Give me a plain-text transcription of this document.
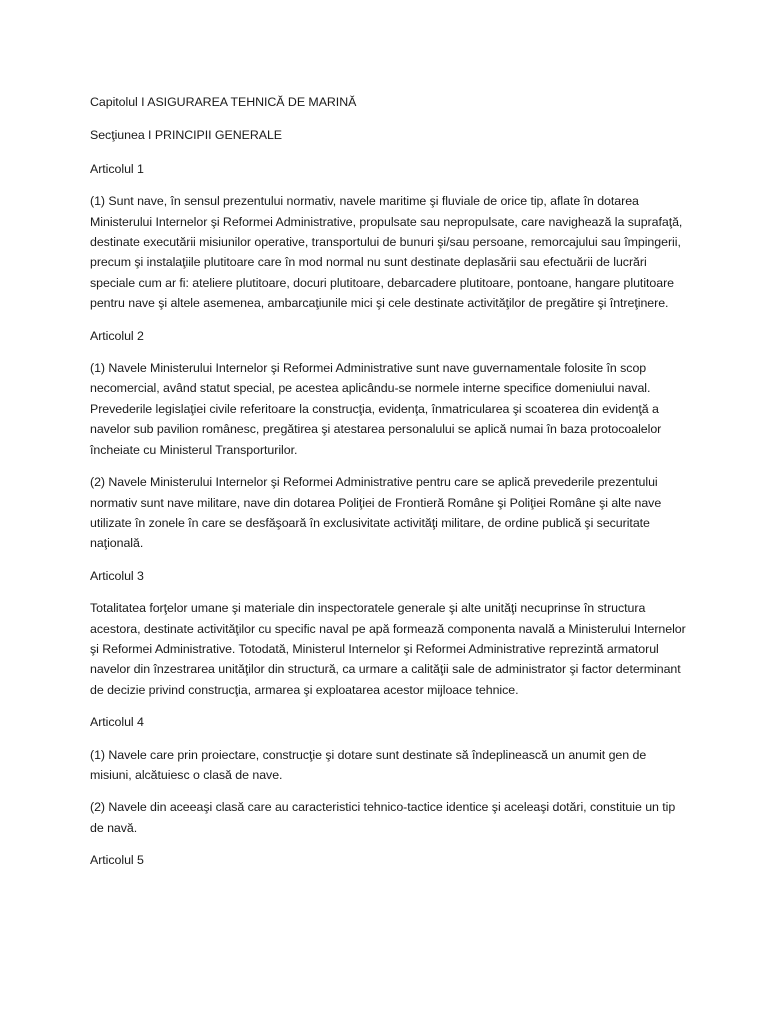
Capitolul I ASIGURAREA TEHNICĂ DE MARINĂ

Secţiunea I PRINCIPII GENERALE

Articolul 1

(1) Sunt nave, în sensul prezentului normativ, navele maritime şi fluviale de orice tip, aflate în dotarea Ministerului Internelor şi Reformei Administrative, propulsate sau nepropulsate, care navighează la suprafaţă, destinate executării misiunilor operative, transportului de bunuri şi/sau persoane, remorcajului sau împingerii, precum şi instalaţiile plutitoare care în mod normal nu sunt destinate deplasării sau efectuării de lucrări speciale cum ar fi: ateliere plutitoare, docuri plutitoare, debarcadere plutitoare, pontoane, hangare plutitoare pentru nave şi altele asemenea, ambarcaţiunile mici şi cele destinate activităţilor de pregătire şi întreţinere.

Articolul 2

(1) Navele Ministerului Internelor şi Reformei Administrative sunt nave guvernamentale folosite în scop necomercial, având statut special, pe acestea aplicându-se normele interne specifice domeniului naval. Prevederile legislaţiei civile referitoare la construcţia, evidenţa, înmatricularea şi scoaterea din evidenţă a navelor sub pavilion românesc, pregătirea şi atestarea personalului se aplică numai în baza protocoalelor încheiate cu Ministerul Transporturilor.

(2) Navele Ministerului Internelor şi Reformei Administrative pentru care se aplică prevederile prezentului normativ sunt nave militare, nave din dotarea Poliţiei de Frontieră Române şi Poliţiei Române şi alte nave utilizate în zonele în care se desfăşoară în exclusivitate activităţi militare, de ordine publică şi securitate naţională.

Articolul 3

Totalitatea forţelor umane şi materiale din inspectoratele generale şi alte unităţi necuprinse în structura acestora, destinate activităţilor cu specific naval pe apă formează componenta navală a Ministerului Internelor şi Reformei Administrative. Totodată, Ministerul Internelor şi Reformei Administrative reprezintă armatorul navelor din înzestrarea unităţilor din structură, ca urmare a calităţii sale de administrator şi factor determinant de decizie privind construcţia, armarea şi exploatarea acestor mijloace tehnice.

Articolul 4

(1) Navele care prin proiectare, construcţie şi dotare sunt destinate să îndeplinească un anumit gen de misiuni, alcătuiesc o clasă de nave.

(2) Navele din aceeaşi clasă care au caracteristici tehnico-tactice identice şi aceleaşi dotări, constituie un tip de navă.

Articolul 5
